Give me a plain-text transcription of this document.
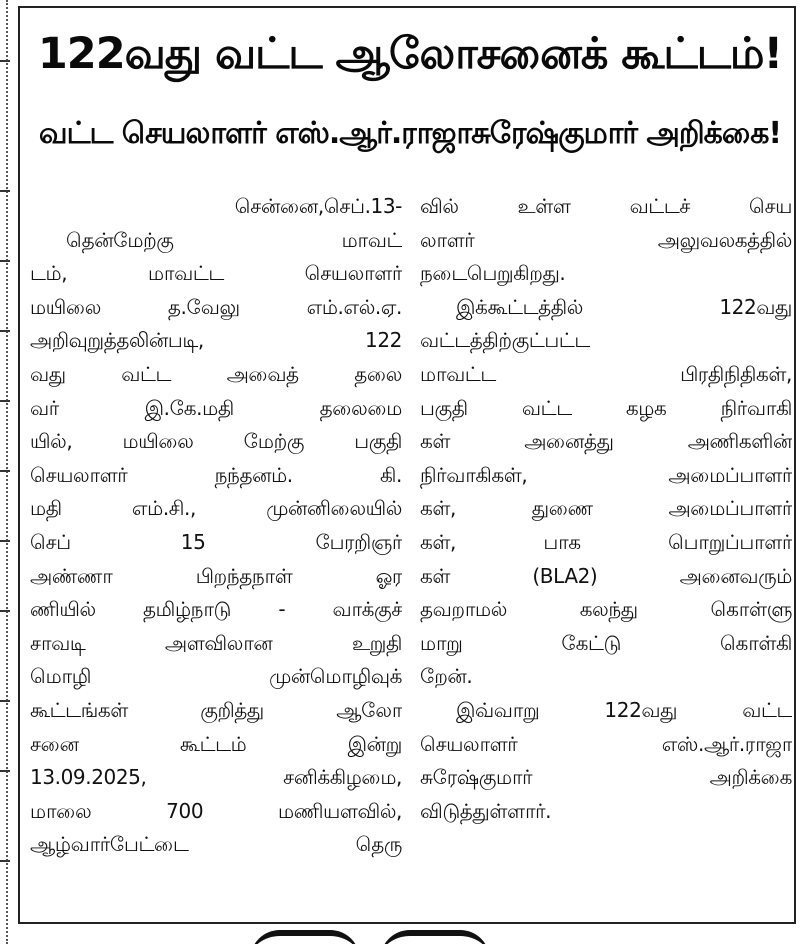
122வது வட்ட ஆலோசனைக் கூட்டம்!
வட்ட செயலாளர் எஸ்.ஆர்.ராஜாசுரேஷ்குமார் அறிக்கை!
சென்னை,செப்.13-
தென்மேற்கு மாவட்
டம், மாவட்ட செயலாளர்
மயிலை த.வேலு எம்.எல்.ஏ.
அறிவுறுத்தலின்படி, 122
வது வட்ட அவைத் தலை
வர் இ.கே.மதி தலைமை
யில், மயிலை மேற்கு பகுதி
செயலாளர் நந்தனம். கி.
மதி எம்.சி., முன்னிலையில்
செப் 15 பேரறிஞர்
அண்ணா பிறந்தநாள் ஓர
ணியில் தமிழ்நாடு - வாக்குச்
சாவடி அளவிலான உறுதி
மொழி முன்மொழிவுக்
கூட்டங்கள் குறித்து ஆலோ
சனை கூட்டம் இன்று
13.09.2025, சனிக்கிழமை,
மாலை 700 மணியளவில்,
ஆழ்வார்பேட்டை தெரு
வில் உள்ள வட்டச் செய
லாளர் அலுவலகத்தில்
நடைபெறுகிறது.
இக்கூட்டத்தில் 122வது
வட்டத்திற்குட்பட்ட
மாவட்ட பிரதிநிதிகள்,
பகுதி வட்ட கழக நிர்வாகி
கள் அனைத்து அணிகளின்
நிர்வாகிகள், அமைப்பாளர்
கள், துணை அமைப்பாளர்
கள், பாக பொறுப்பாளர்
கள் (BLA2) அனைவரும்
தவறாமல் கலந்து கொள்ளு
மாறு கேட்டு கொள்கி
றேன்.
இவ்வாறு 122வது வட்ட
செயலாளர் எஸ்.ஆர்.ராஜா
சுரேஷ்குமார் அறிக்கை
விடுத்துள்ளார்.
